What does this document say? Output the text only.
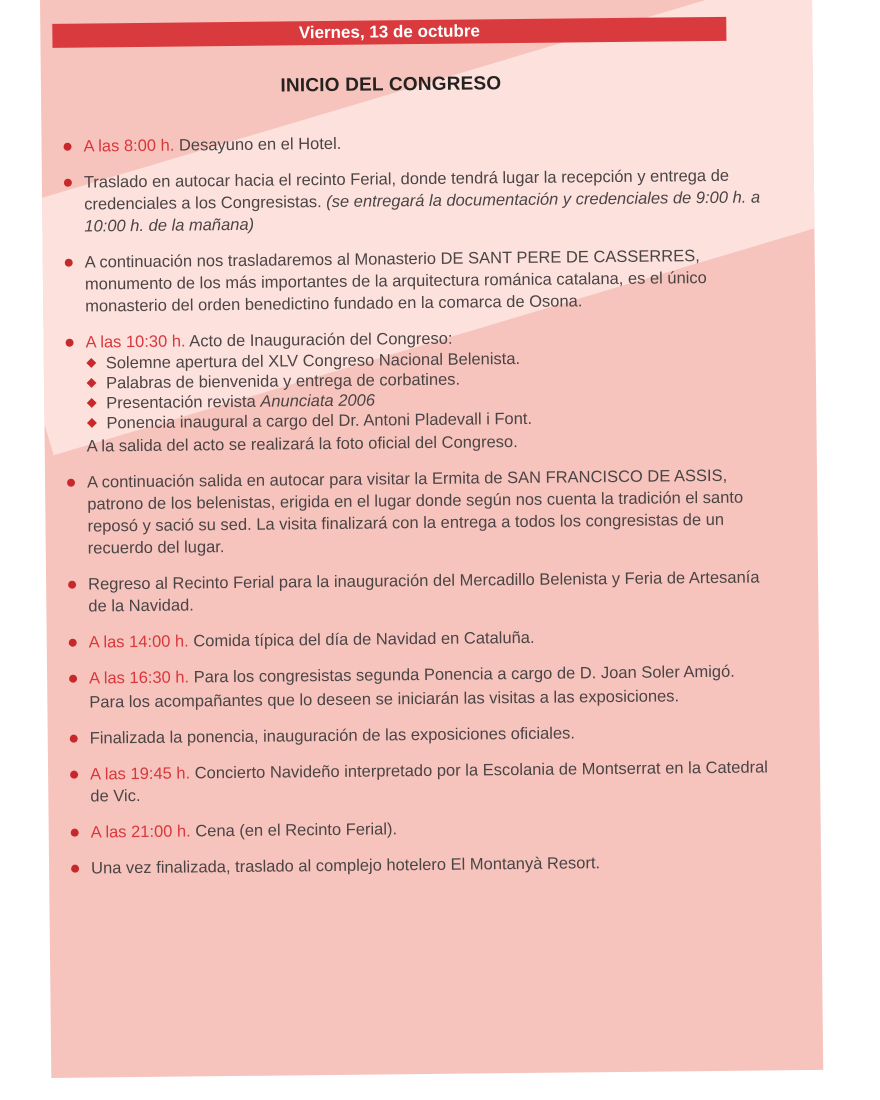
Viernes, 13 de octubre
INICIO DEL CONGRESO
A las 8:00 h. Desayuno en el Hotel.
Traslado en autocar hacia el recinto Ferial, donde tendrá lugar la recepción y entrega de credenciales a los Congresistas. (se entregará la documentación y credenciales de 9:00 h. a 10:00 h. de la mañana)
A continuación nos trasladaremos al Monasterio DE SANT PERE DE CASSERRES, monumento de los más importantes de la arquitectura románica catalana, es el único monasterio del orden benedictino fundado en la comarca de Osona.
A las 10:30 h. Acto de Inauguración del Congreso:
Solemne apertura del XLV Congreso Nacional Belenista.
Palabras de bienvenida y entrega de corbatines.
Presentación revista Anunciata 2006
Ponencia inaugural a cargo del Dr. Antoni Pladevall i Font.
A la salida del acto se realizará la foto oficial del Congreso.
A continuación salida en autocar para visitar la Ermita de SAN FRANCISCO DE ASSIS, patrono de los belenistas, erigida en el lugar donde según nos cuenta la tradición el santo reposó y sació su sed. La visita finalizará con la entrega a todos los congresistas de un recuerdo del lugar.
Regreso al Recinto Ferial para la inauguración del Mercadillo Belenista y Feria de Artesanía de la Navidad.
A las 14:00 h. Comida típica del día de Navidad en Cataluña.
A las 16:30 h. Para los congresistas segunda Ponencia a cargo de D. Joan Soler Amigó.
Para los acompañantes que lo deseen se iniciarán las visitas a las exposiciones.
Finalizada la ponencia, inauguración de las exposiciones oficiales.
A las 19:45 h. Concierto Navideño interpretado por la Escolania de Montserrat en la Catedral de Vic.
A las 21:00 h. Cena (en el Recinto Ferial).
Una vez finalizada, traslado al complejo hotelero El Montanyà Resort.
